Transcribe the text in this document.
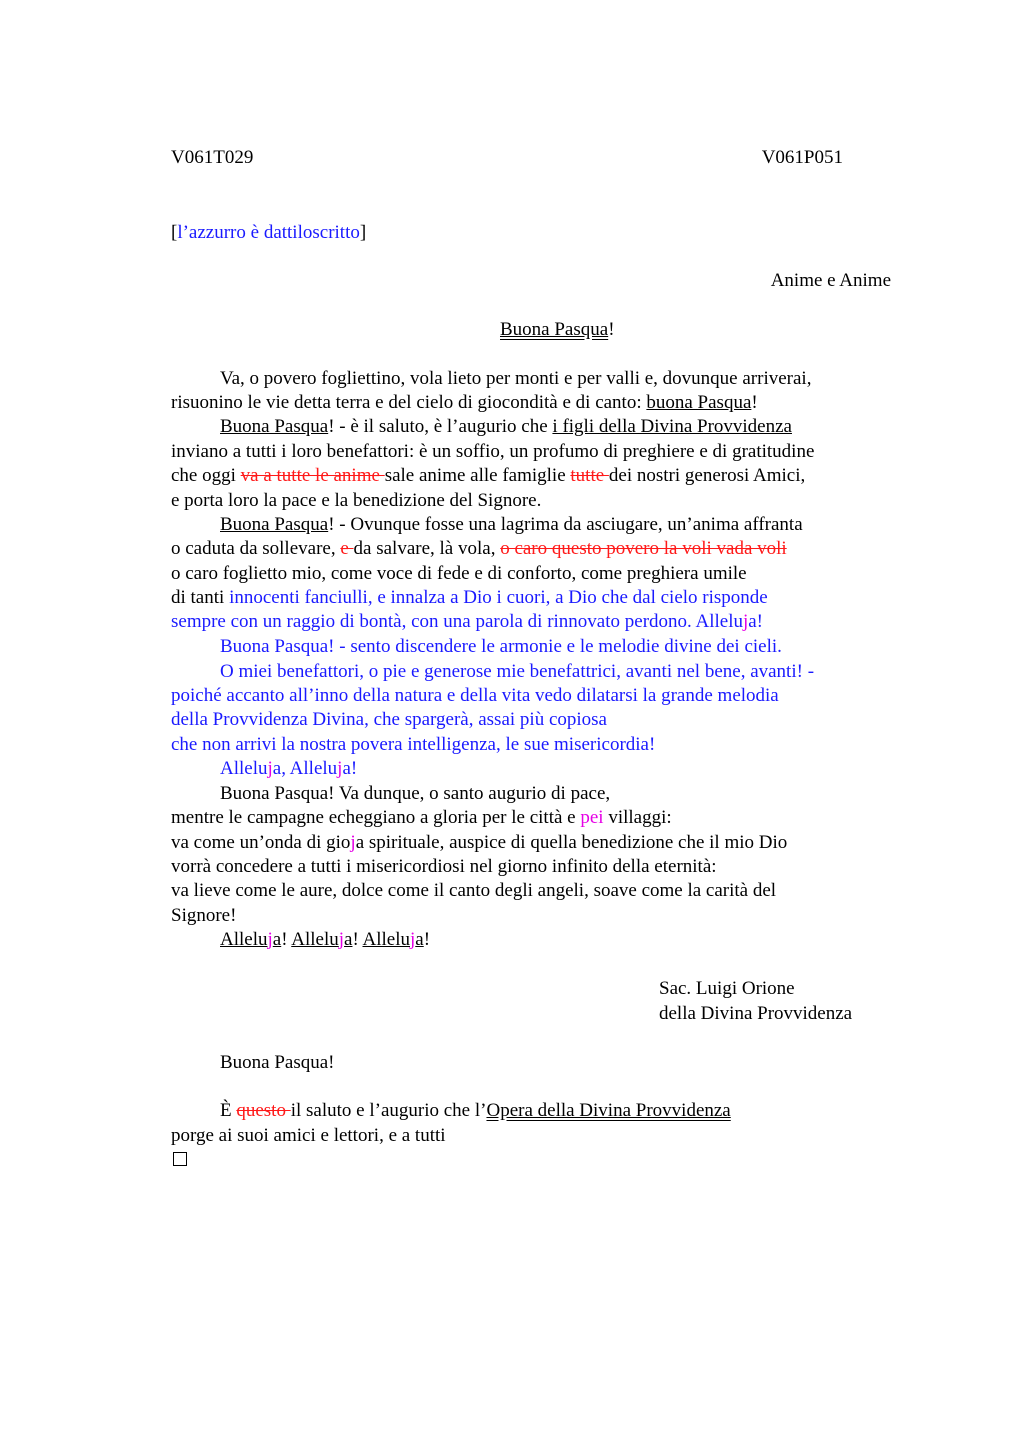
V061T029	V061P051
[l’azzurro è dattiloscritto]
Anime e Anime
Buona Pasqua!
Va, o povero fogliettino, vola lieto per monti e per valli e, dovunque arriverai,
risuonino le vie detta terra e del cielo di giocondità e di canto: buona Pasqua!
Buona Pasqua! - è il saluto, è l’augurio che i figli della Divina Provvidenza
inviano a tutti i loro benefattori: è un soffio, un profumo di preghiere e di gratitudine
che oggi va a tutte le anime sale anime alle famiglie tutte dei nostri generosi Amici,
e porta loro la pace e la benedizione del Signore.
Buona Pasqua! - Ovunque fosse una lagrima da asciugare, un’anima affranta
o caduta da sollevare, e da salvare, là vola, o caro questo povero la voli vada voli
o caro foglietto mio, come voce di fede e di conforto, come preghiera umile
di tanti innocenti fanciulli, e innalza a Dio i cuori, a Dio che dal cielo risponde
sempre con un raggio di bontà, con una parola di rinnovato perdono. Alleluja!
Buona Pasqua! - sento discendere le armonie e le melodie divine dei cieli.
O miei benefattori, o pie e generose mie benefattrici, avanti nel bene, avanti! -
poiché accanto all’inno della natura e della vita vedo dilatarsi la grande melodia
della Provvidenza Divina, che spargerà, assai più copiosa
che non arrivi la nostra povera intelligenza, le sue misericordia!
Alleluja, Alleluja!
Buona Pasqua! Va dunque, o santo augurio di pace,
mentre le campagne echeggiano a gloria per le città e pei villaggi:
va come un’onda di gioja spirituale, auspice di quella benedizione che il mio Dio
vorrà concedere a tutti i misericordiosi nel giorno infinito della eternità:
va lieve come le aure, dolce come il canto degli angeli, soave come la carità del
Signore!
Alleluja! Alleluja! Alleluja!
Sac. Luigi Orione
della Divina Provvidenza
Buona Pasqua!
È questo il saluto e l’augurio che l’Opera della Divina Provvidenza
porge ai suoi amici e lettori, e a tutti
